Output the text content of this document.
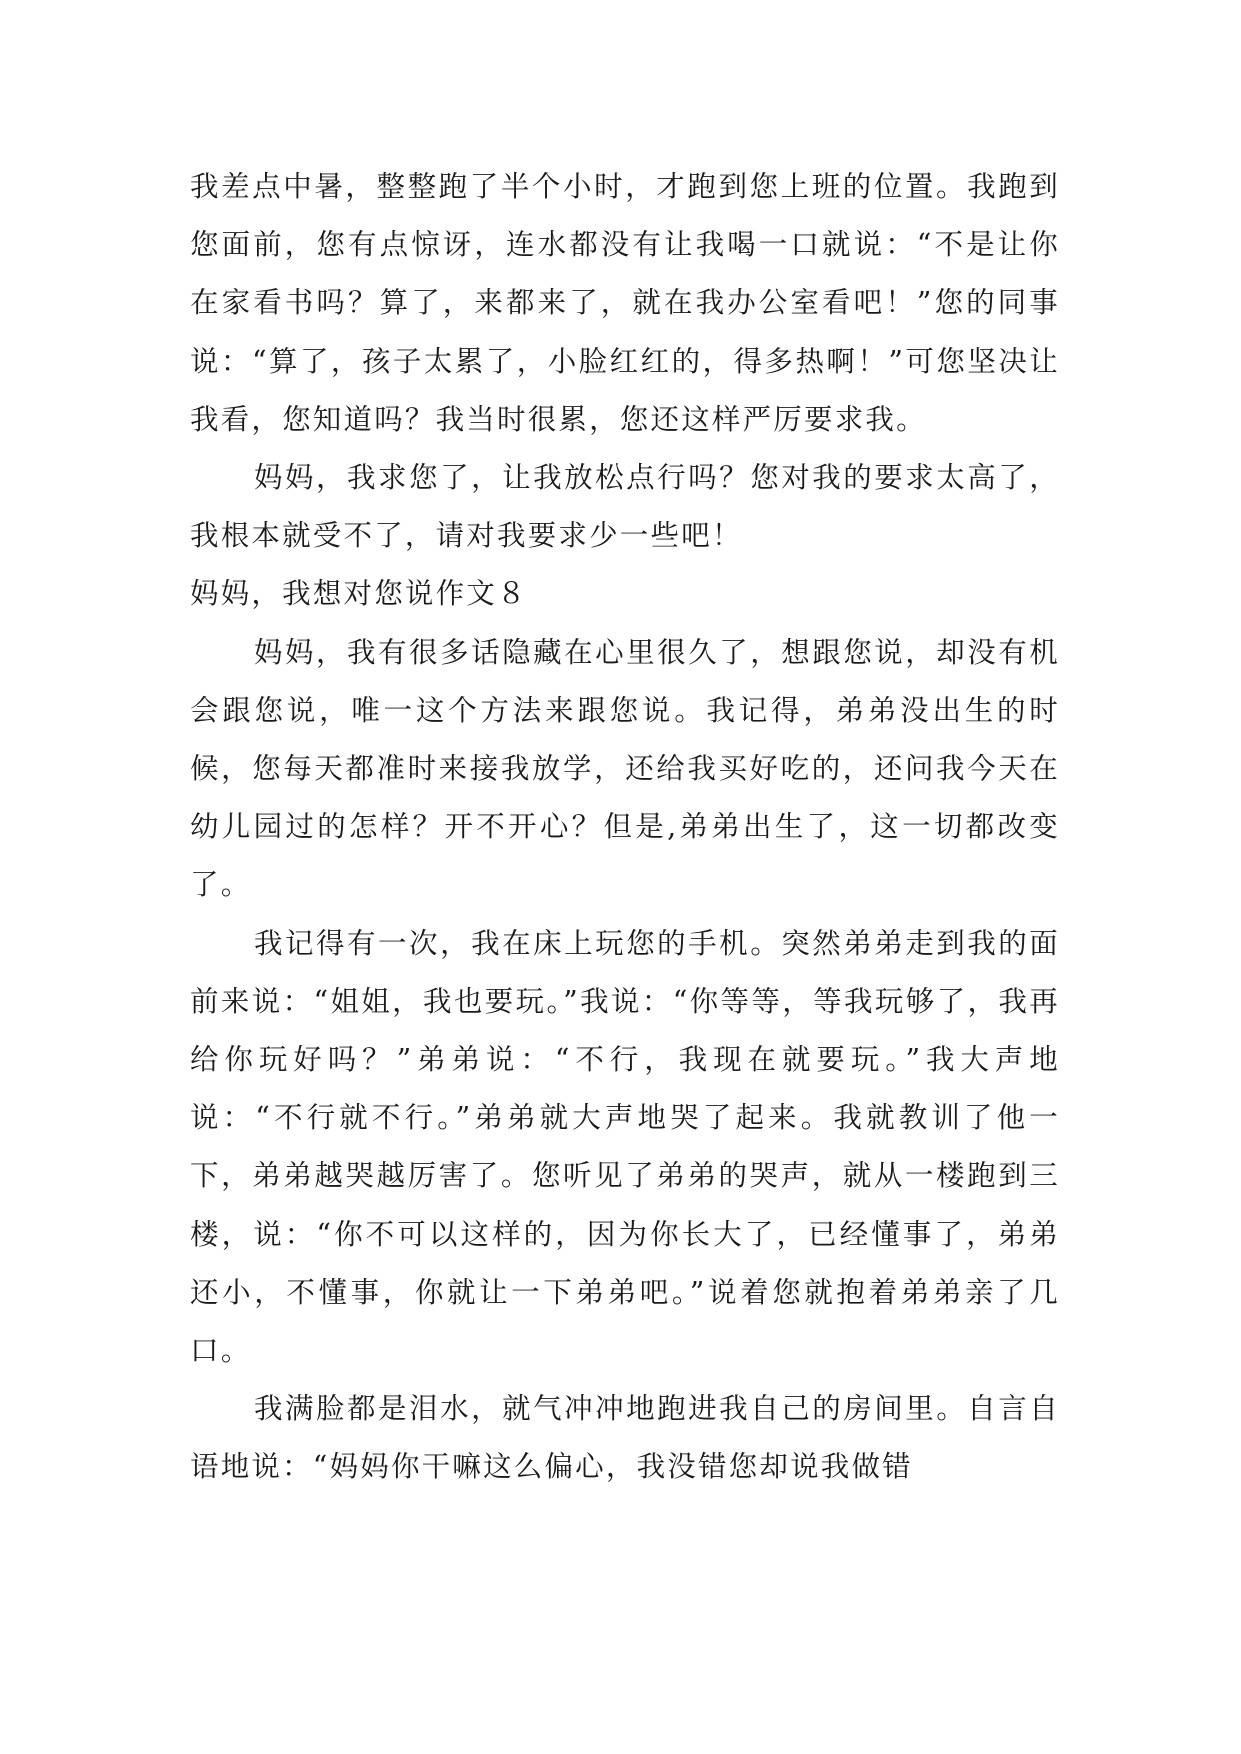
我差点中暑，整整跑了半个小时，才跑到您上班的位置。我跑到您面前，您有点惊讶，连水都没有让我喝一口就说：“不是让你在家看书吗？算了，来都来了，就在我办公室看吧！”您的同事说：“算了，孩子太累了，小脸红红的，得多热啊！”可您坚决让我看，您知道吗？我当时很累，您还这样严厉要求我。

妈妈，我求您了，让我放松点行吗？您对我的要求太高了，我根本就受不了，请对我要求少一些吧！

妈妈，我想对您说作文８

妈妈，我有很多话隐藏在心里很久了，想跟您说，却没有机会跟您说，唯一这个方法来跟您说。我记得，弟弟没出生的时候，您每天都准时来接我放学，还给我买好吃的，还问我今天在幼儿园过的怎样？开不开心？但是,弟弟出生了，这一切都改变了。

我记得有一次，我在床上玩您的手机。突然弟弟走到我的面前来说：“姐姐，我也要玩。”我说：“你等等，等我玩够了，我再给你玩好吗？”弟弟说：“不行，我现在就要玩。”我大声地说：“不行就不行。”弟弟就大声地哭了起来。我就教训了他一下，弟弟越哭越厉害了。您听见了弟弟的哭声，就从一楼跑到三楼，说：“你不可以这样的，因为你长大了，已经懂事了，弟弟还小，不懂事，你就让一下弟弟吧。”说着您就抱着弟弟亲了几口。

我满脸都是泪水，就气冲冲地跑进我自己的房间里。自言自语地说：“妈妈你干嘛这么偏心，我没错您却说我做错
